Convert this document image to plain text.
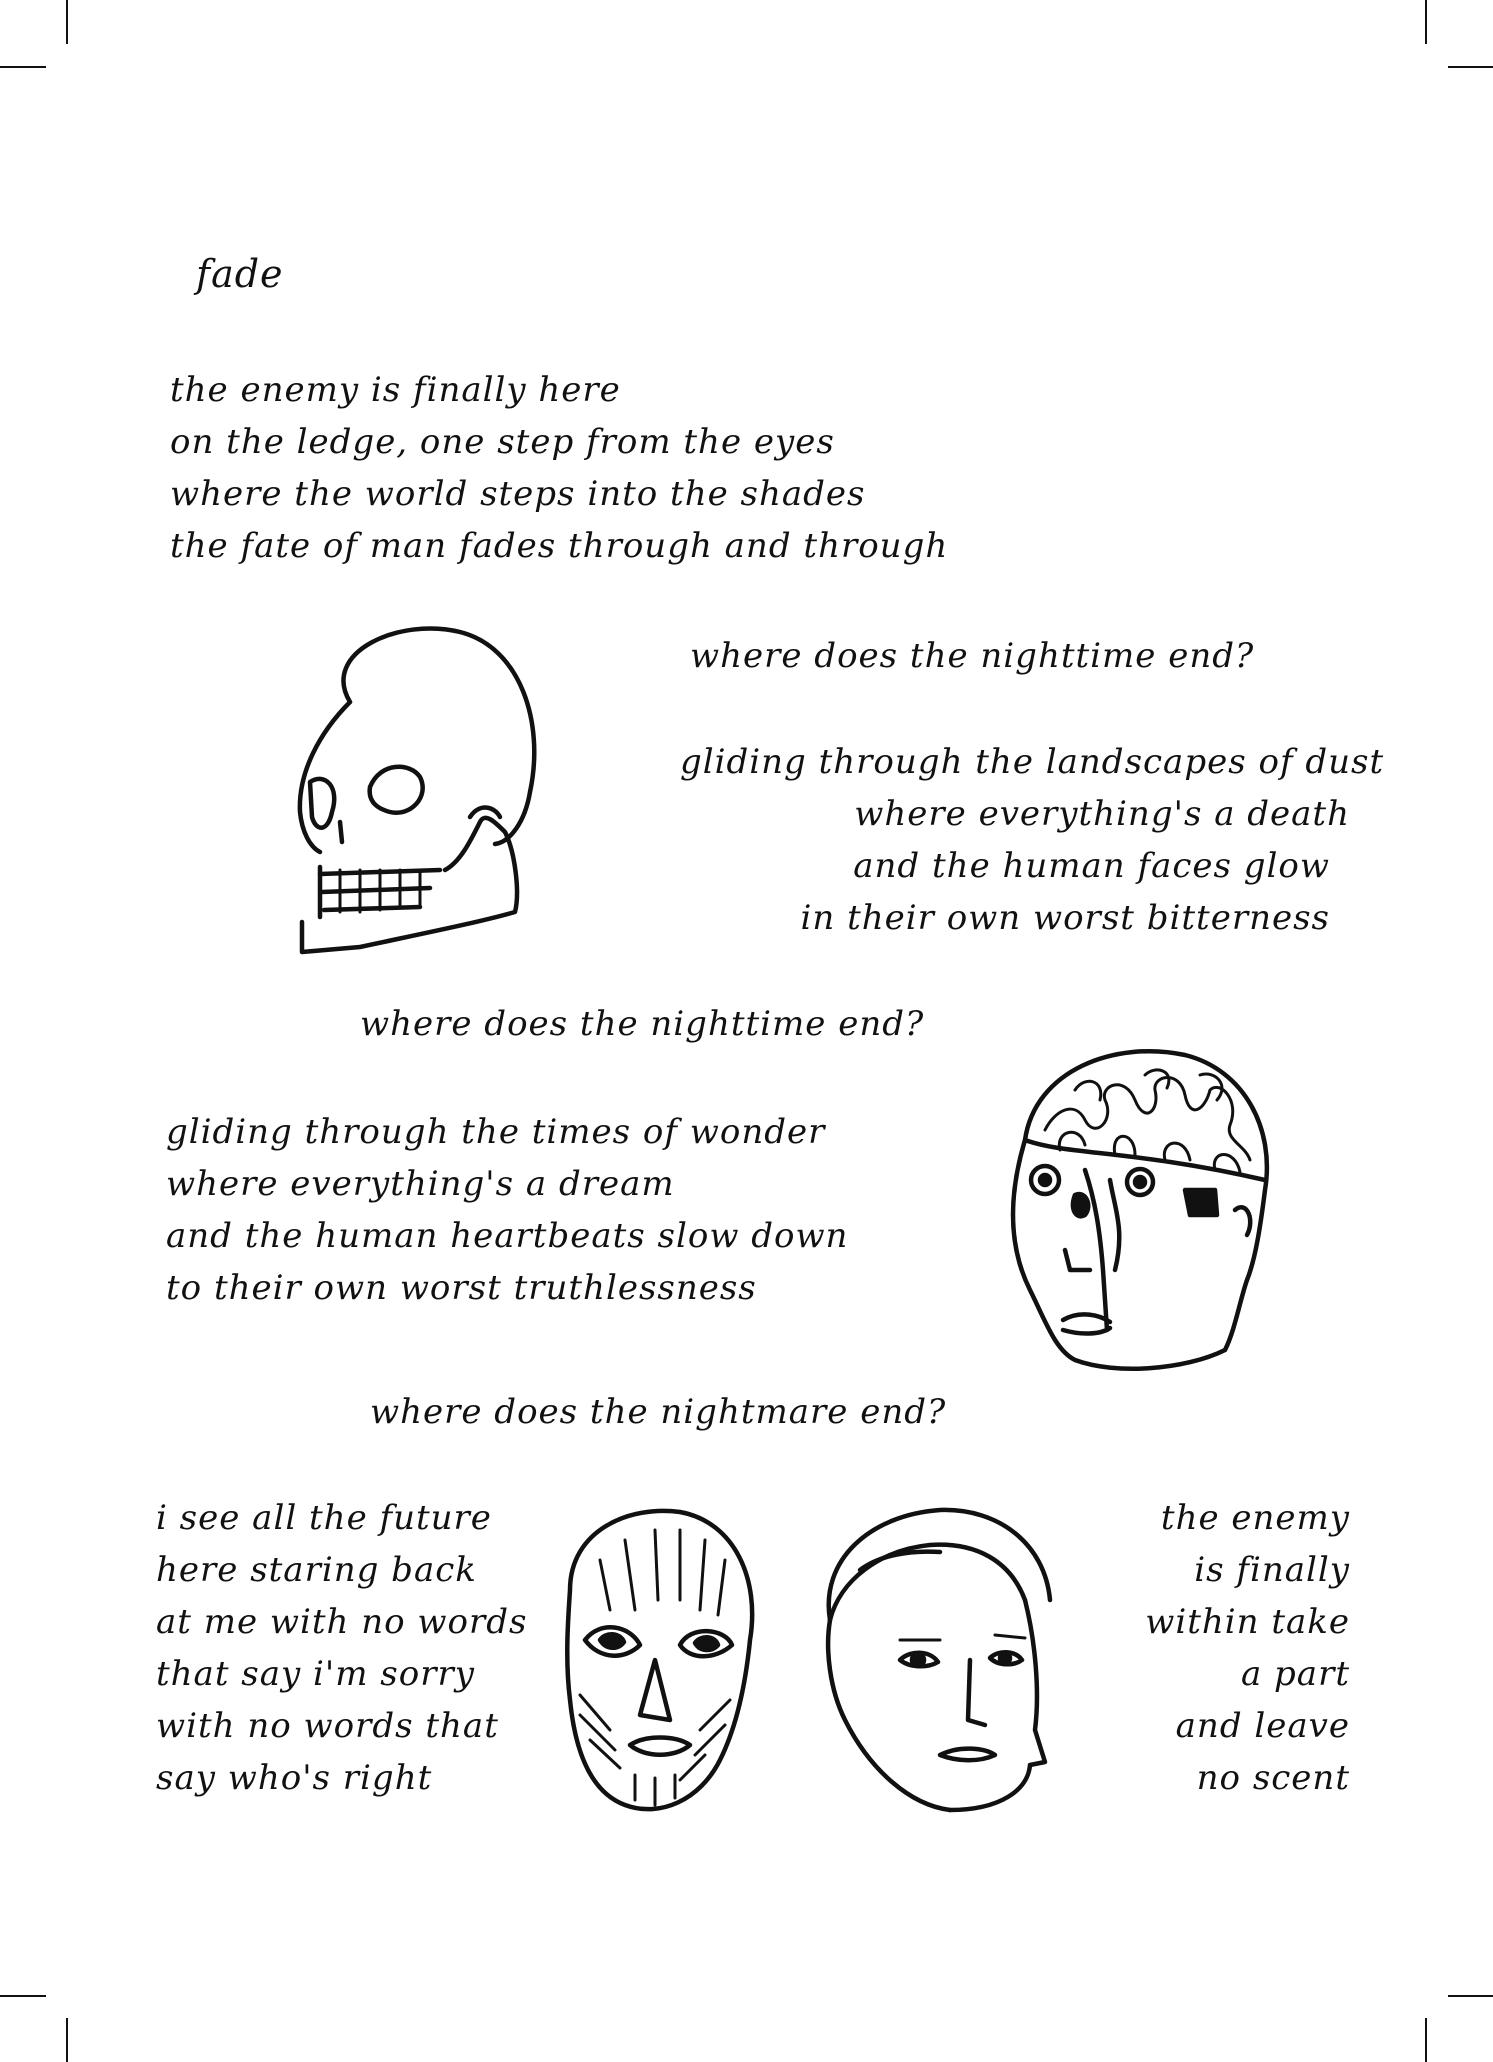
fade
the enemy is finally here
on the ledge, one step from the eyes
where the world steps into the shades
the fate of man fades through and through
where does the nighttime end?
gliding through the landscapes of dust
where everything's a death
and the human faces glow
in their own worst bitterness
where does the nighttime end?
gliding through the times of wonder
where everything's a dream
and the human heartbeats slow down
to their own worst truthlessness
where does the nightmare end?
i see all the future
here staring back
at me with no words
that say i'm sorry
with no words that
say who's right
the enemy
is finally
within take
a part
and leave
no scent
